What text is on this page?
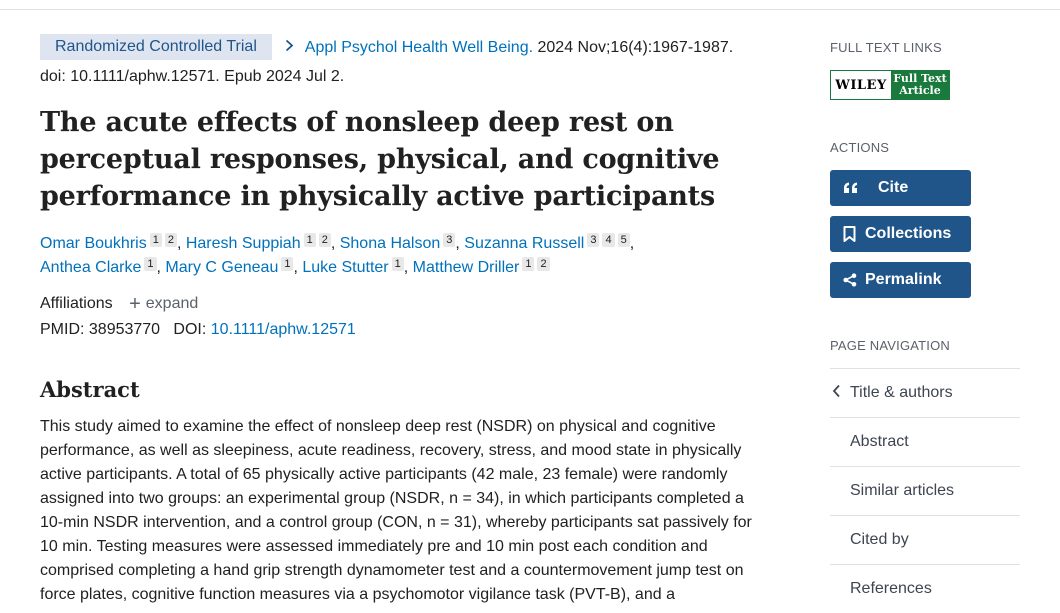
Randomized Controlled Trial	Appl Psychol Health Well Being. 2024 Nov;16(4):1967-1987.
doi: 10.1111/aphw.12571. Epub 2024 Jul 2.
The acute effects of nonsleep deep rest on perceptual responses, physical, and cognitive performance in physically active participants
Omar Boukhris 1 2 , Haresh Suppiah 1 2 , Shona Halson 3 , Suzanna Russell 3 4 5 ,
Anthea Clarke 1 , Mary C Geneau 1 , Luke Stutter 1 , Matthew Driller 1 2
Affiliations + expand
PMID: 38953770 DOI: 10.1111/aphw.12571
Abstract

This study aimed to examine the effect of nonsleep deep rest (NSDR) on physical and cognitive performance, as well as sleepiness, acute readiness, recovery, stress, and mood state in physically active participants. A total of 65 physically active participants (42 male, 23 female) were randomly assigned into two groups: an experimental group (NSDR, n = 34), in which participants completed a 10-min NSDR intervention, and a control group (CON, n = 31), whereby participants sat passively for 10 min. Testing measures were assessed immediately pre and 10 min post each condition and comprised completing a hand grip strength dynamometer test and a countermovement jump test on force plates, cognitive function measures via a psychomotor vigilance task (PVT-B), and a

FULL TEXT LINKS
WILEY Full Text
Article
ACTIONS
Cite
Collections
Permalink
PAGE NAVIGATION
Title & authors
Abstract
Similar articles
Cited by
References
